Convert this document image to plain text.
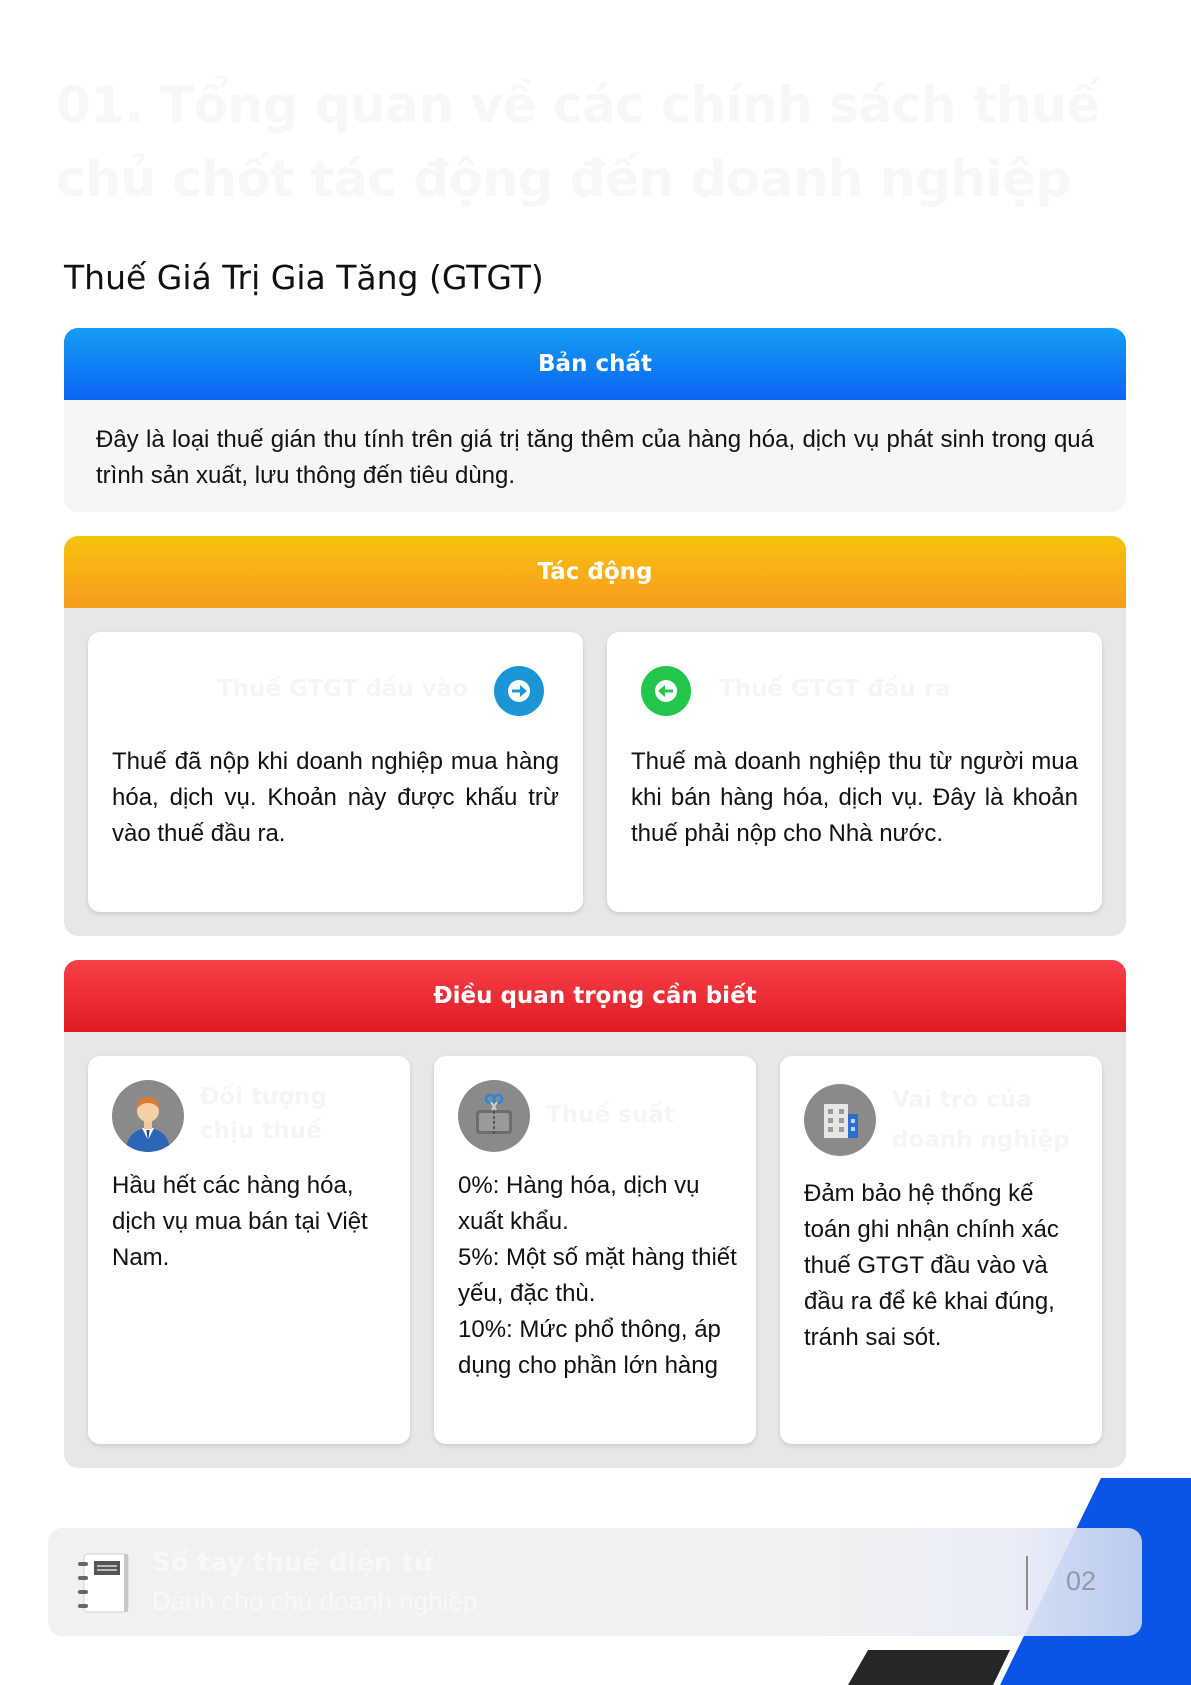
01. Tổng quan về các chính sách thuế chủ chốt tác động đến doanh nghiệp
Thuế Giá Trị Gia Tăng (GTGT)
Bản chất
Đây là loại thuế gián thu tính trên giá trị tăng thêm của hàng hóa, dịch vụ phát sinh trong quá trình sản xuất, lưu thông đến tiêu dùng.
Tác động
Thuế GTGT đầu vào
Thuế đã nộp khi doanh nghiệp mua hàng hóa, dịch vụ. Khoản này được khấu trừ vào thuế đầu ra.
Thuế GTGT đầu ra
Thuế mà doanh nghiệp thu từ người mua khi bán hàng hóa, dịch vụ. Đây là khoản thuế phải nộp cho Nhà nước.
Điều quan trọng cần biết
Đối tượng chịu thuế
Hầu hết các hàng hóa, dịch vụ mua bán tại Việt Nam.
Thuế suất
0%: Hàng hóa, dịch vụ xuất khẩu.
5%: Một số mặt hàng thiết yếu, đặc thù.
10%: Mức phổ thông, áp dụng cho phần lớn hàng
Vai trò của doanh nghiệp
Đảm bảo hệ thống kế toán ghi nhận chính xác thuế GTGT đầu vào và đầu ra để kê khai đúng, tránh sai sót.
Sổ tay thuế điện tử
Dành cho chủ doanh nghiệp
02
